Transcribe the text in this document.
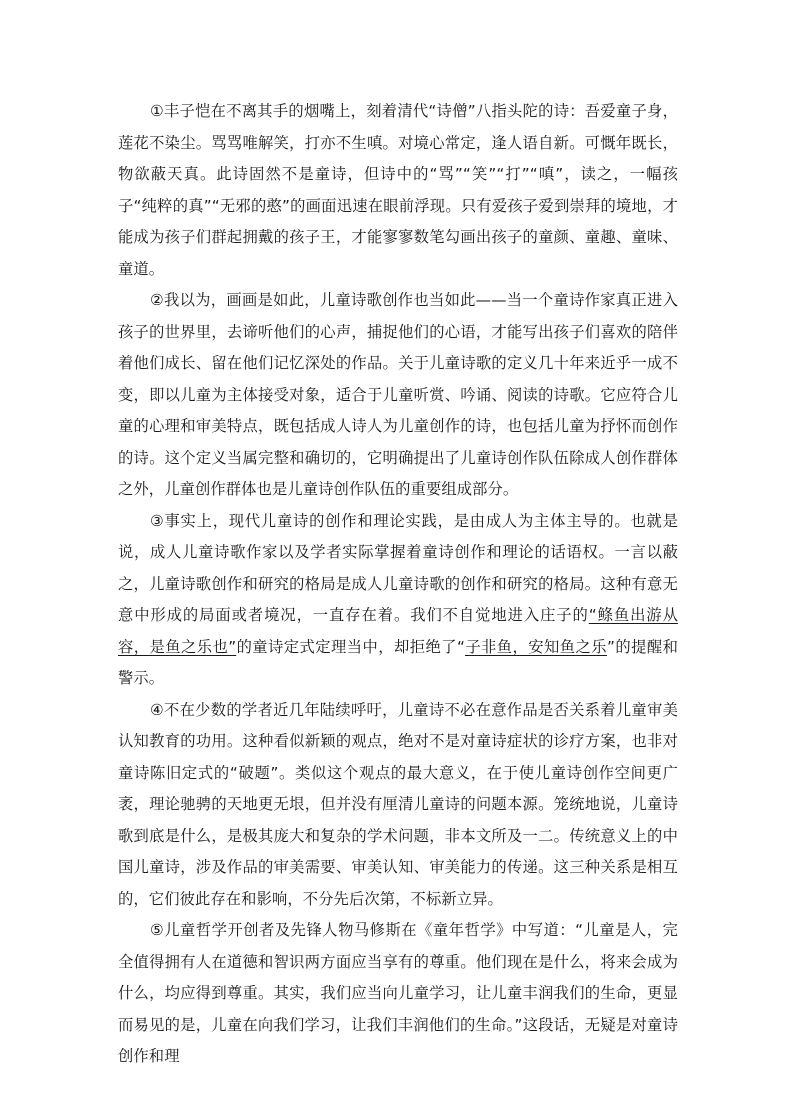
①丰子恺在不离其手的烟嘴上，刻着清代“诗僧”八指头陀的诗：吾爱童子身，莲花不染尘。骂骂唯解笑，打亦不生嗔。对境心常定，逢人语自新。可慨年既长，物欲蔽天真。此诗固然不是童诗，但诗中的“骂”“笑”“打”“嗔”，读之，一幅孩子“纯粹的真”“无邪的憨”的画面迅速在眼前浮现。只有爱孩子爱到崇拜的境地，才能成为孩子们群起拥戴的孩子王，才能寥寥数笔勾画出孩子的童颜、童趣、童味、童道。

②我以为，画画是如此，儿童诗歌创作也当如此——当一个童诗作家真正进入孩子的世界里，去谛听他们的心声，捕捉他们的心语，才能写出孩子们喜欢的陪伴着他们成长、留在他们记忆深处的作品。关于儿童诗歌的定义几十年来近乎一成不变，即以儿童为主体接受对象，适合于儿童听赏、吟诵、阅读的诗歌。它应符合儿童的心理和审美特点，既包括成人诗人为儿童创作的诗，也包括儿童为抒怀而创作的诗。这个定义当属完整和确切的，它明确提出了儿童诗创作队伍除成人创作群体之外，儿童创作群体也是儿童诗创作队伍的重要组成部分。

③事实上，现代儿童诗的创作和理论实践，是由成人为主体主导的。也就是说，成人儿童诗歌作家以及学者实际掌握着童诗创作和理论的话语权。一言以蔽之，儿童诗歌创作和研究的格局是成人儿童诗歌的创作和研究的格局。这种有意无意中形成的局面或者境况，一直存在着。我们不自觉地进入庄子的“鲦鱼出游从容，是鱼之乐也”的童诗定式定理当中，却拒绝了“子非鱼，安知鱼之乐”的提醒和警示。

④不在少数的学者近几年陆续呼吁，儿童诗不必在意作品是否关系着儿童审美认知教育的功用。这种看似新颖的观点，绝对不是对童诗症状的诊疗方案，也非对童诗陈旧定式的“破题”。类似这个观点的最大意义，在于使儿童诗创作空间更广袤，理论驰骋的天地更无垠，但并没有厘清儿童诗的问题本源。笼统地说，儿童诗歌到底是什么，是极其庞大和复杂的学术问题，非本文所及一二。传统意义上的中国儿童诗，涉及作品的审美需要、审美认知、审美能力的传递。这三种关系是相互的，它们彼此存在和影响，不分先后次第，不标新立异。

⑤儿童哲学开创者及先锋人物马修斯在《童年哲学》中写道：“儿童是人，完全值得拥有人在道德和智识两方面应当享有的尊重。他们现在是什么，将来会成为什么，均应得到尊重。其实，我们应当向儿童学习，让儿童丰润我们的生命，更显而易见的是，儿童在向我们学习，让我们丰润他们的生命。”这段话，无疑是对童诗创作和理
